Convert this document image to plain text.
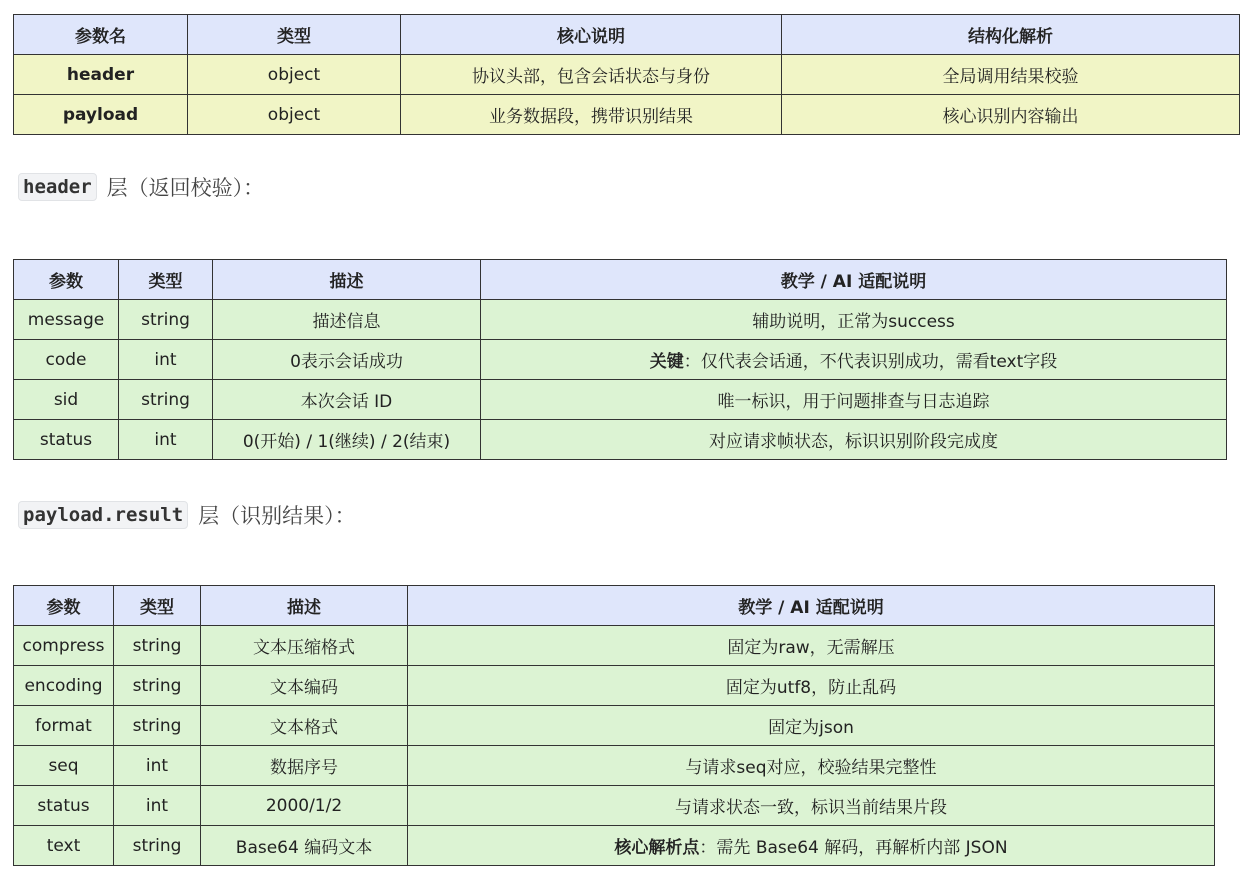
参数名	类型	核心说明	结构化解析
header	object	协议头部，包含会话状态与身份	全局调用结果校验
payload	object	业务数据段，携带识别结果	核心识别内容输出
header 层（返回校验）：
参数	类型	描述	教学 / AI 适配说明
message	string	描述信息	辅助说明，正常为success
code	int	0表示会话成功	关键：仅代表会话通，不代表识别成功，需看text字段
sid	string	本次会话 ID	唯一标识，用于问题排查与日志追踪
status	int	0(开始) / 1(继续) / 2(结束)	对应请求帧状态，标识识别阶段完成度
payload.result 层（识别结果）：
参数	类型	描述	教学 / AI 适配说明
compress	string	文本压缩格式	固定为raw，无需解压
encoding	string	文本编码	固定为utf8，防止乱码
format	string	文本格式	固定为json
seq	int	数据序号	与请求seq对应，校验结果完整性
status	int	2000/1/2	与请求状态一致，标识当前结果片段
text	string	Base64 编码文本	核心解析点：需先 Base64 解码，再解析内部 JSON
